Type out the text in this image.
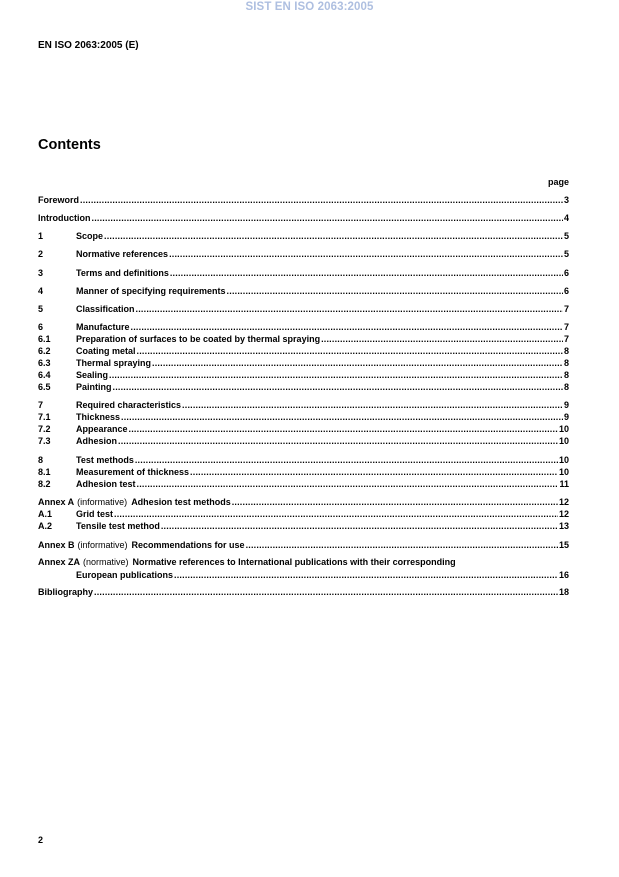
SIST EN ISO 2063:2005
EN ISO 2063:2005 (E)
Contents
page
Foreword .....	3
Introduction .....	4
1	Scope .....	5
2	Normative references .....	5
3	Terms and definitions .....	6
4	Manner of specifying requirements .....	6
5	Classification .....	7
6	Manufacture .....	7
6.1	Preparation of surfaces to be coated by thermal spraying .....	7
6.2	Coating metal .....	8
6.3	Thermal spraying .....	8
6.4	Sealing .....	8
6.5	Painting .....	8
7	Required characteristics .....	9
7.1	Thickness .....	9
7.2	Appearance .....	10
7.3	Adhesion .....	10
8	Test methods .....	10
8.1	Measurement of thickness .....	10
8.2	Adhesion test .....	11
Annex A (informative) Adhesion test methods .....	12
A.1	Grid test .....	12
A.2	Tensile test method .....	13
Annex B (informative) Recommendations for use .....	15
Annex ZA (normative) Normative references to International publications with their corresponding
European publications .....	16
Bibliography .....	18
2
